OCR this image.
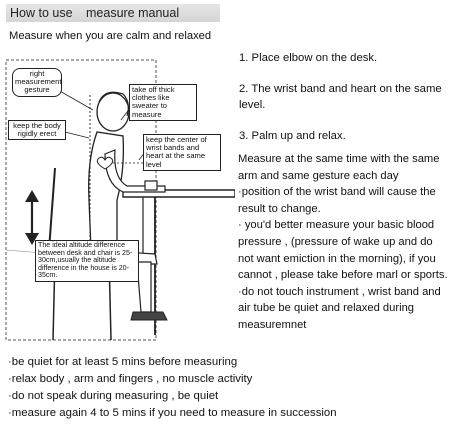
How to use measure manual
Measure when you are calm and relaxed
right measurement gesture	take off thick clothes like sweater to measure
keep the body rigidly erect
keep the center of wrist bands and heart at the same level
The ideal altitude difference between desk and chair is 25-30cm,usually the altitude difference in the house is 20-35cm.
1. Place elbow on the desk.
2. The wrist band and heart on the same level.
3. Palm up and relax.

Measure at the same time with the same arm and same gesture each day

·position of the wrist band will cause the result to change.

· you'd better measure your basic blood pressure , (pressure of wake up and do not want emiction in the morning), if you cannot , please take before marl or sports.

·do not touch instrument , wrist band and air tube be quiet and relaxed during measuremnet

·be quiet for at least 5 mins before measuring

·relax body , arm and fingers , no muscle activity

·do not speak during measuring , be quiet

·measure again 4 to 5 mins if you need to measure in succession
